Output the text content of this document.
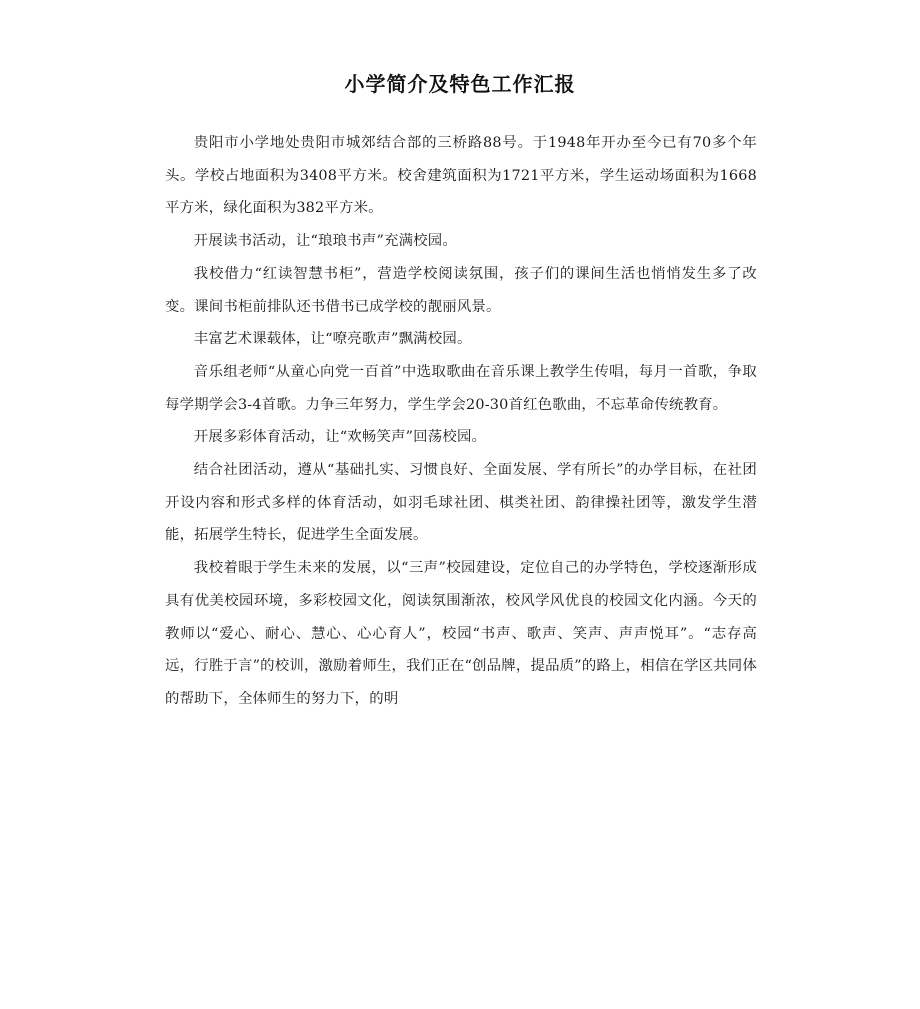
小学简介及特色工作汇报

贵阳市小学地处贵阳市城郊结合部的三桥路88号。于1948年开办至今已有70多个年头。学校占地面积为3408平方米。校舍建筑面积为1721平方米，学生运动场面积为1668平方米，绿化面积为382平方米。

开展读书活动，让“琅琅书声”充满校园。

我校借力“红读智慧书柜”，营造学校阅读氛围，孩子们的课间生活也悄悄发生多了改变。课间书柜前排队还书借书已成学校的靓丽风景。

丰富艺术课载体，让“嘹亮歌声”飘满校园。

音乐组老师“从童心向党一百首”中选取歌曲在音乐课上教学生传唱，每月一首歌，争取每学期学会3-4首歌。力争三年努力，学生学会20-30首红色歌曲，不忘革命传统教育。

开展多彩体育活动，让“欢畅笑声”回荡校园。

结合社团活动，遵从“基础扎实、习惯良好、全面发展、学有所长”的办学目标，在社团开设内容和形式多样的体育活动，如羽毛球社团、棋类社团、韵律操社团等，激发学生潜能，拓展学生特长，促进学生全面发展。

我校着眼于学生未来的发展，以“三声”校园建设，定位自己的办学特色，学校逐渐形成具有优美校园环境，多彩校园文化，阅读氛围渐浓，校风学风优良的校园文化内涵。今天的教师以“爱心、耐心、慧心、心心育人”，校园“书声、歌声、笑声、声声悦耳”。“志存高远，行胜于言”的校训，激励着师生，我们正在“创品牌，提品质”的路上，相信在学区共同体的帮助下，全体师生的努力下，的明
